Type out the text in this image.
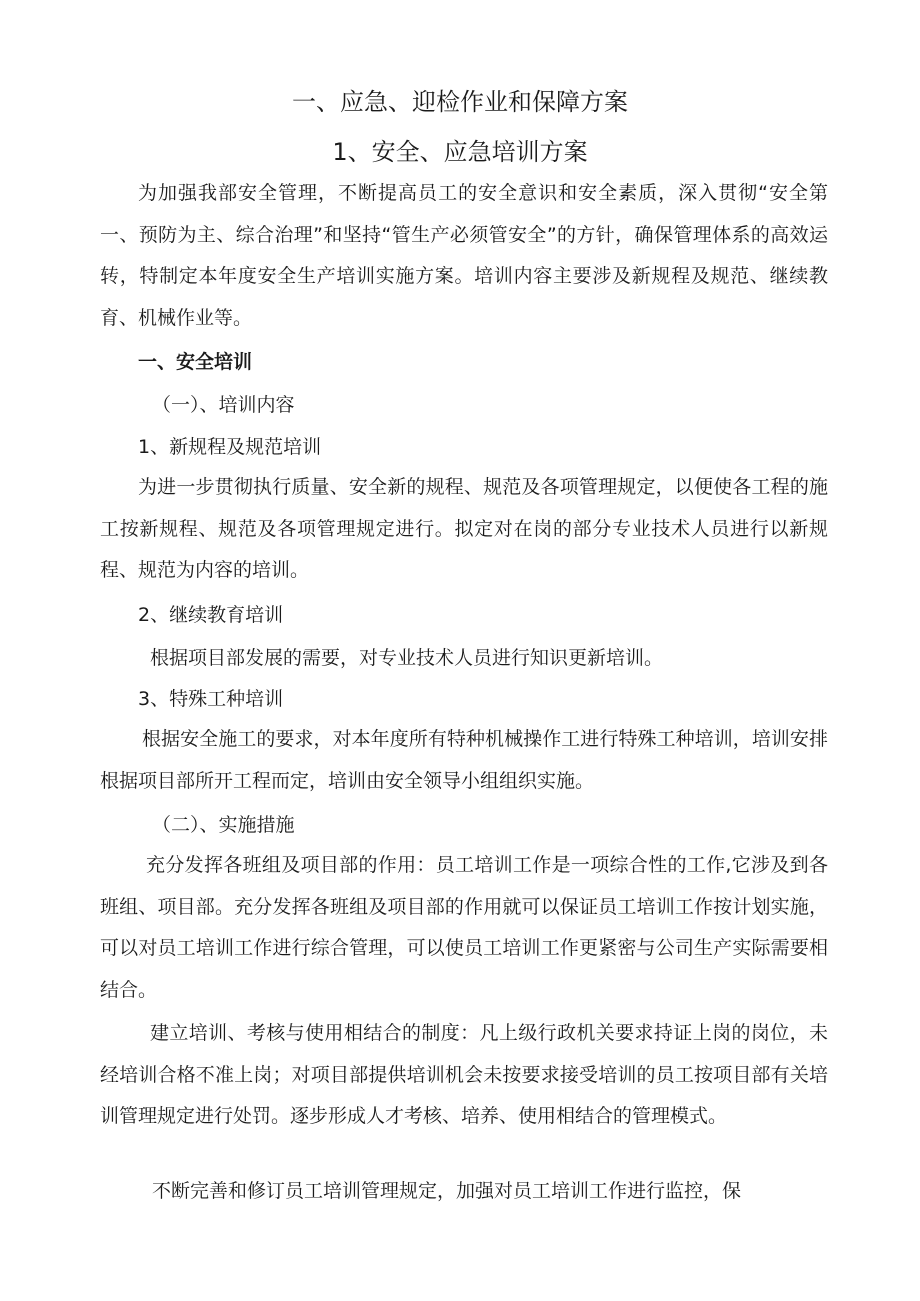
一、应急、迎检作业和保障方案
1、安全、应急培训方案

为加强我部安全管理，不断提高员工的安全意识和安全素质，深入贯彻“安全第一、预防为主、综合治理”和坚持“管生产必须管安全”的方针，确保管理体系的高效运转，特制定本年度安全生产培训实施方案。培训内容主要涉及新规程及规范、继续教育、机械作业等。

一、安全培训

（一）、培训内容

1、新规程及规范培训

为进一步贯彻执行质量、安全新的规程、规范及各项管理规定，以便使各工程的施工按新规程、规范及各项管理规定进行。拟定对在岗的部分专业技术人员进行以新规程、规范为内容的培训。

2、继续教育培训

根据项目部发展的需要，对专业技术人员进行知识更新培训。

3、特殊工种培训

根据安全施工的要求，对本年度所有特种机械操作工进行特殊工种培训，培训安排根据项目部所开工程而定，培训由安全领导小组组织实施。

（二）、实施措施

充分发挥各班组及项目部的作用：员工培训工作是一项综合性的工作,它涉及到各班组、项目部。充分发挥各班组及项目部的作用就可以保证员工培训工作按计划实施，可以对员工培训工作进行综合管理，可以使员工培训工作更紧密与公司生产实际需要相结合。

建立培训、考核与使用相结合的制度：凡上级行政机关要求持证上岗的岗位，未经培训合格不准上岗；对项目部提供培训机会未按要求接受培训的员工按项目部有关培训管理规定进行处罚。逐步形成人才考核、培养、使用相结合的管理模式。

不断完善和修订员工培训管理规定，加强对员工培训工作进行监控，保
